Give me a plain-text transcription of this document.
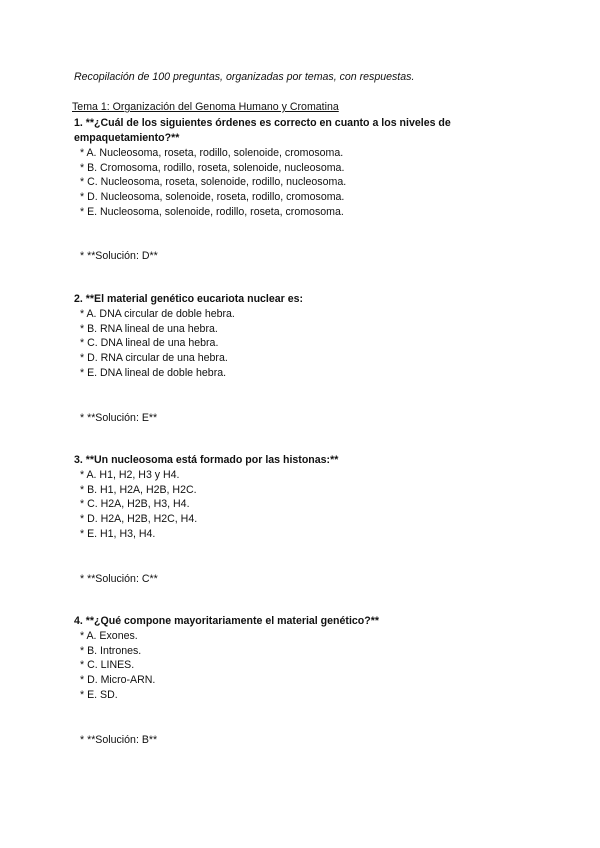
Recopilación de 100 preguntas, organizadas por temas, con respuestas.
Tema 1: Organización del Genoma Humano y Cromatina

1. **¿Cuál de los siguientes órdenes es correcto en cuanto a los niveles de empaquetamiento?**

* A. Nucleosoma, roseta, rodillo, solenoide, cromosoma.
* B. Cromosoma, rodillo, roseta, solenoide, nucleosoma.
* C. Nucleosoma, roseta, solenoide, rodillo, nucleosoma.
* D. Nucleosoma, solenoide, roseta, rodillo, cromosoma.
* E. Nucleosoma, solenoide, rodillo, roseta, cromosoma.
* **Solución: D**

2. **El material genético eucariota nuclear es:

* A. DNA circular de doble hebra.
* B. RNA lineal de una hebra.
* C. DNA lineal de una hebra.
* D. RNA circular de una hebra.
* E. DNA lineal de doble hebra.
* **Solución: E**

3. **Un nucleosoma está formado por las histonas:**

* A. H1, H2, H3 y H4.
* B. H1, H2A, H2B, H2C.
* C. H2A, H2B, H3, H4.
* D. H2A, H2B, H2C, H4.
* E. H1, H3, H4.
* **Solución: C**

4. **¿Qué compone mayoritariamente el material genético?**

* A. Exones.
* B. Intrones.
* C. LINES.
* D. Micro-ARN.
* E. SD.
* **Solución: B**
